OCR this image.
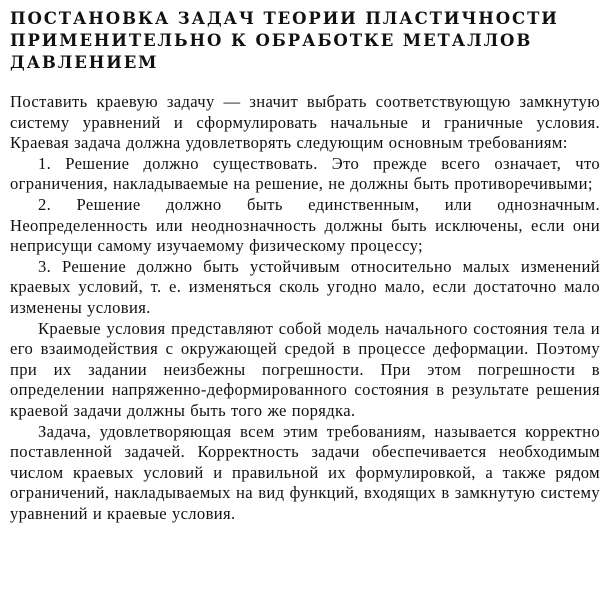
ПОСТАНОВКА ЗАДАЧ ТЕОРИИ ПЛАСТИЧНОСТИ
ПРИМЕНИТЕЛЬНО К ОБРАБОТКЕ МЕТАЛЛОВ
ДАВЛЕНИЕМ

Поставить краевую задачу — значит выбрать соответствующую замкнутую систему уравнений и сформулировать начальные и граничные условия. Краевая задача должна удовлетворять следующим основным требованиям:

1. Решение должно существовать. Это прежде всего означает, что ограничения, накладываемые на решение, не должны быть противоречивыми;

2. Решение должно быть единственным, или однозначным. Неопределенность или неоднозначность должны быть исключены, если они неприсущи самому изучаемому физическому процессу;

3. Решение должно быть устойчивым относительно малых изменений краевых условий, т. е. изменяться сколь угодно мало, если достаточно мало изменены условия.

Краевые условия представляют собой модель начального состояния тела и его взаимодействия с окружающей средой в процессе деформации. Поэтому при их задании неизбежны погрешности. При этом погрешности в определении напряженно-деформированного состояния в результате решения краевой задачи должны быть того же порядка.

Задача, удовлетворяющая всем этим требованиям, называется корректно поставленной задачей. Корректность задачи обеспечивается необходимым числом краевых условий и правильной их формулировкой, а также рядом ограничений, накладываемых на вид функций, входящих в замкнутую систему уравнений и краевые условия.
